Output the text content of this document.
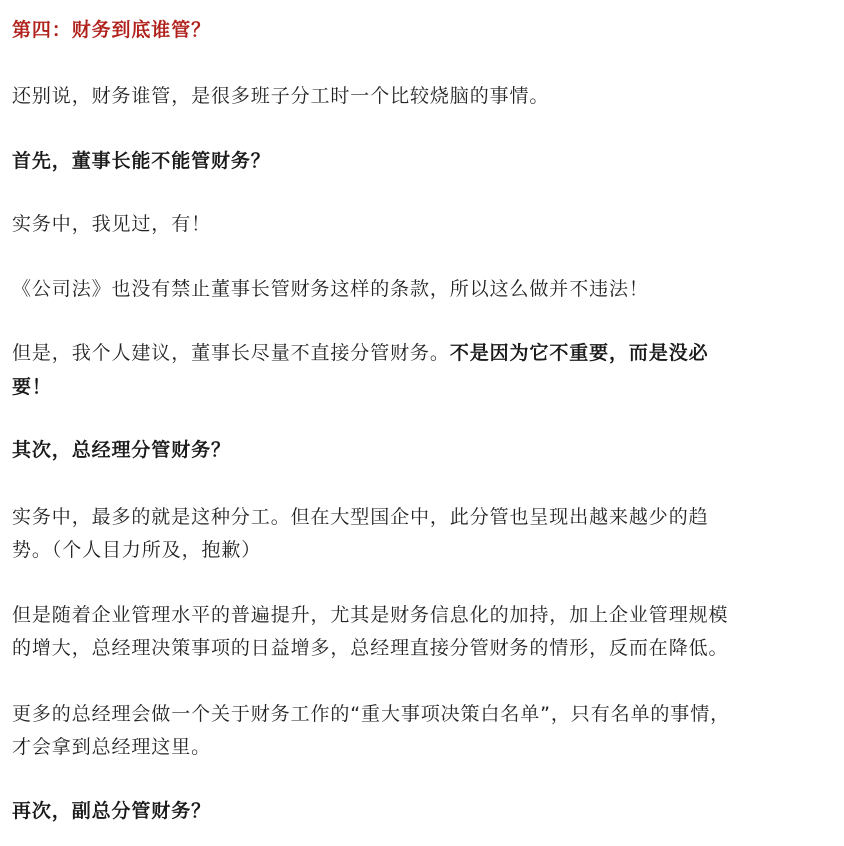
第四：财务到底谁管？
还别说，财务谁管，是很多班子分工时一个比较烧脑的事情。
首先，董事长能不能管财务？
实务中，我见过，有！
《公司法》也没有禁止董事长管财务这样的条款，所以这么做并不违法！
但是，我个人建议，董事长尽量不直接分管财务。不是因为它不重要，而是没必
要！
其次，总经理分管财务？
实务中，最多的就是这种分工。但在大型国企中，此分管也呈现出越来越少的趋
势。（个人目力所及，抱歉）
但是随着企业管理水平的普遍提升，尤其是财务信息化的加持，加上企业管理规模
的增大，总经理决策事项的日益增多，总经理直接分管财务的情形，反而在降低。
更多的总经理会做一个关于财务工作的“重大事项决策白名单”，只有名单的事情，
才会拿到总经理这里。
再次，副总分管财务？
